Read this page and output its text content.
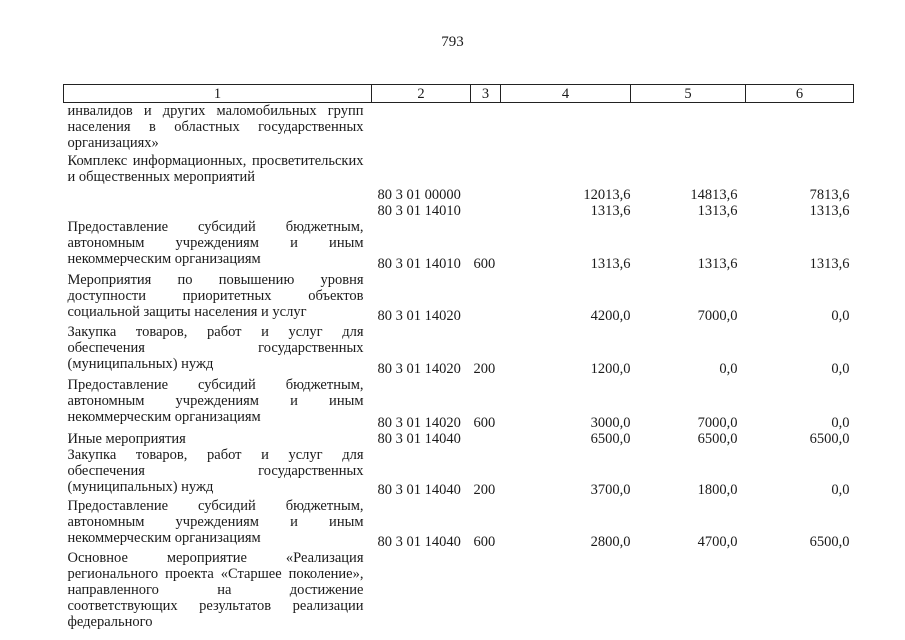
793
1	2	3	4	5	6
инвалидов и других маломобильных групп населения в областных государственных организациях»					
Комплекс информационных, просветительских и общественных мероприятий	80 3 01 00000		12013,6	14813,6	7813,6
	80 3 01 14010		1313,6	1313,6	1313,6
Предоставление субсидий бюджетным, автономным учреждениям и иным некоммерческим организациям	80 3 01 14010	600	1313,6	1313,6	1313,6
Мероприятия по повышению уровня доступности приоритетных объектов социальной защиты населения и услуг	80 3 01 14020		4200,0	7000,0	0,0
Закупка товаров, работ и услуг для обеспечения государственных (муниципальных) нужд	80 3 01 14020	200	1200,0	0,0	0,0
Предоставление субсидий бюджетным, автономным учреждениям и иным некоммерческим организациям	80 3 01 14020	600	3000,0	7000,0	0,0
Иные мероприятия	80 3 01 14040		6500,0	6500,0	6500,0
Закупка товаров, работ и услуг для обеспечения государственных (муниципальных) нужд	80 3 01 14040	200	3700,0	1800,0	0,0
Предоставление субсидий бюджетным, автономным учреждениям и иным некоммерческим организациям	80 3 01 14040	600	2800,0	4700,0	6500,0
Основное мероприятие «Реализация регионального проекта «Старшее поколение», направленного на достижение соответствующих результатов реализации федерального					
